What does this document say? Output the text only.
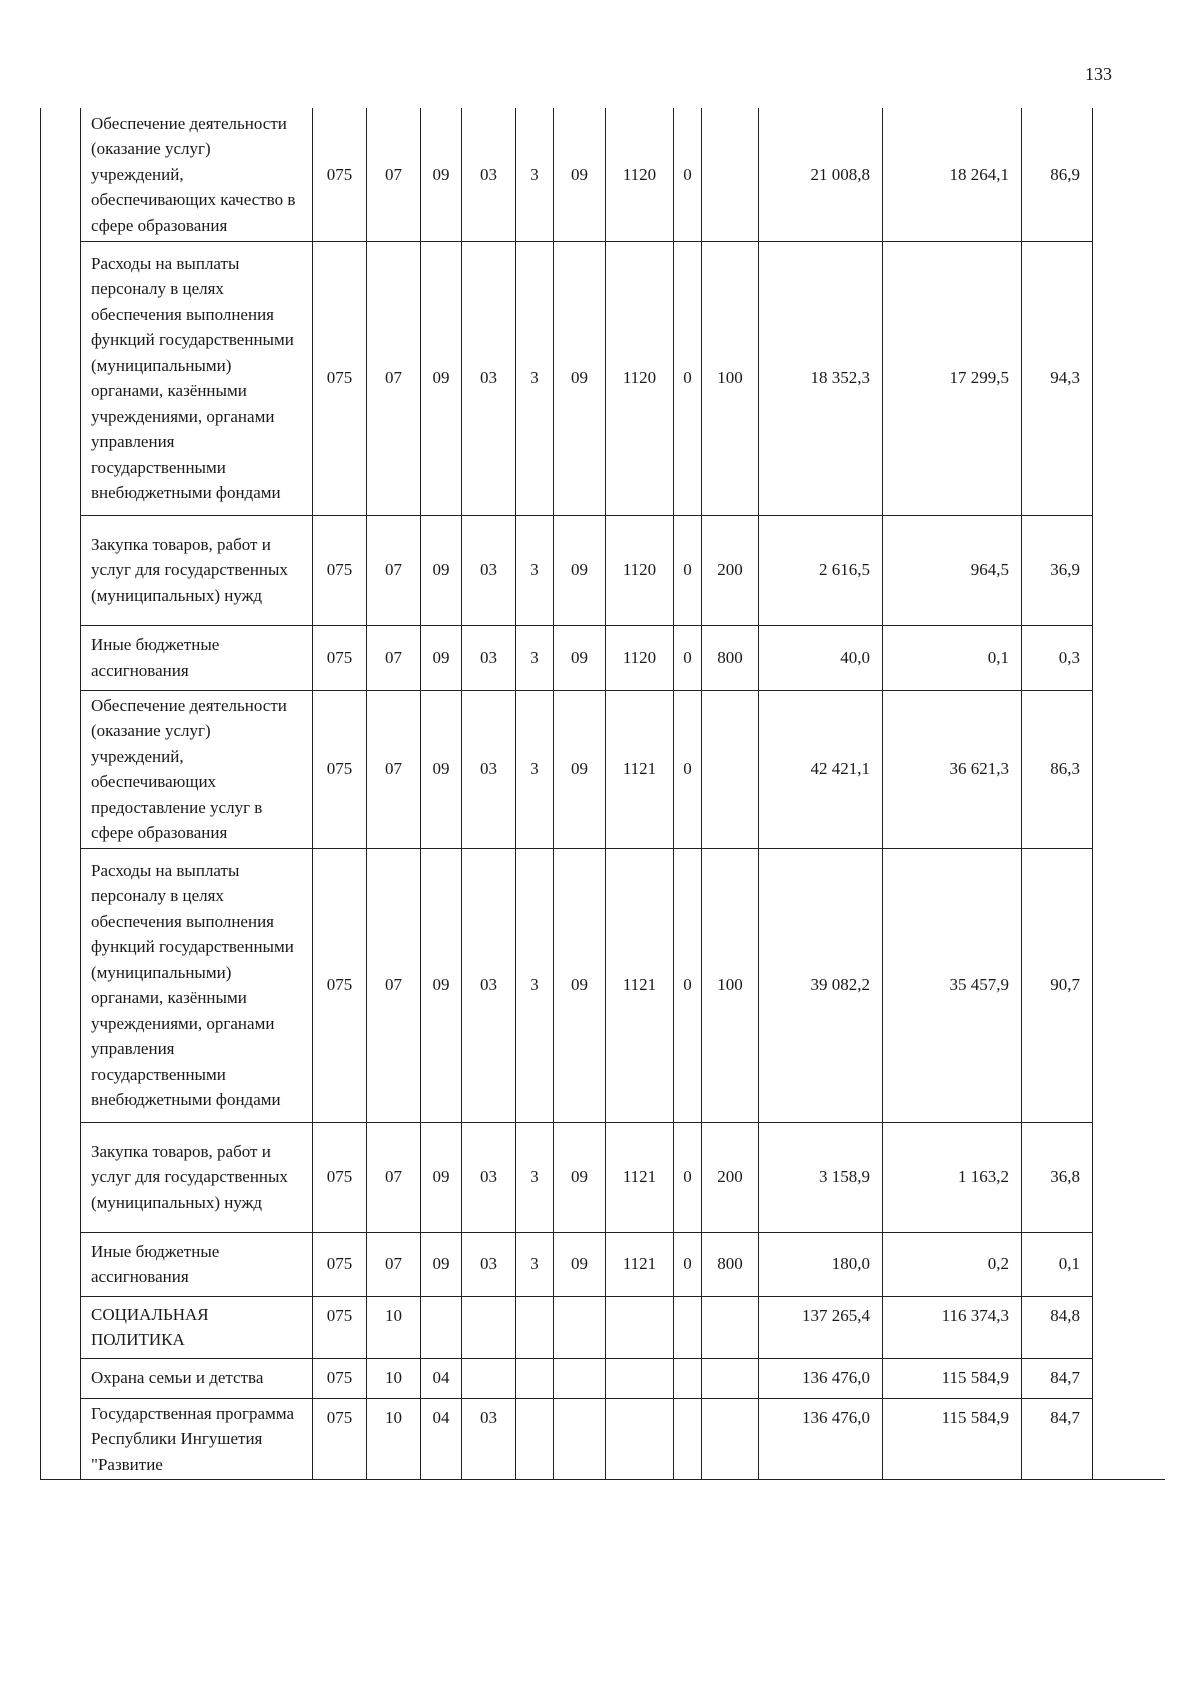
133
	Обеспечение деятельности (оказание услуг) учреждений, обеспечивающих качество в сфере образования	075	07	09	03	3	09	1120	0		21 008,8	18 264,1	86,9	
	Расходы на выплаты персоналу в целях обеспечения выполнения функций государственными (муниципальными) органами, казёнными учреждениями, органами управления государственными внебюджетными фондами	075	07	09	03	3	09	1120	0	100	18 352,3	17 299,5	94,3	
	Закупка товаров, работ и услуг для государственных (муниципальных) нужд	075	07	09	03	3	09	1120	0	200	2 616,5	964,5	36,9	
	Иные бюджетные ассигнования	075	07	09	03	3	09	1120	0	800	40,0	0,1	0,3	
	Обеспечение деятельности (оказание услуг) учреждений, обеспечивающих предоставление услуг в сфере образования	075	07	09	03	3	09	1121	0		42 421,1	36 621,3	86,3	
	Расходы на выплаты персоналу в целях обеспечения выполнения функций государственными (муниципальными) органами, казёнными учреждениями, органами управления государственными внебюджетными фондами	075	07	09	03	3	09	1121	0	100	39 082,2	35 457,9	90,7	
	Закупка товаров, работ и услуг для государственных (муниципальных) нужд	075	07	09	03	3	09	1121	0	200	3 158,9	1 163,2	36,8	
	Иные бюджетные ассигнования	075	07	09	03	3	09	1121	0	800	180,0	0,2	0,1	
	СОЦИАЛЬНАЯ ПОЛИТИКА	075	10								137 265,4	116 374,3	84,8	
	Охрана семьи и детства	075	10	04							136 476,0	115 584,9	84,7	
	Государственная программа Республики Ингушетия "Развитие	075	10	04	03						136 476,0	115 584,9	84,7	
